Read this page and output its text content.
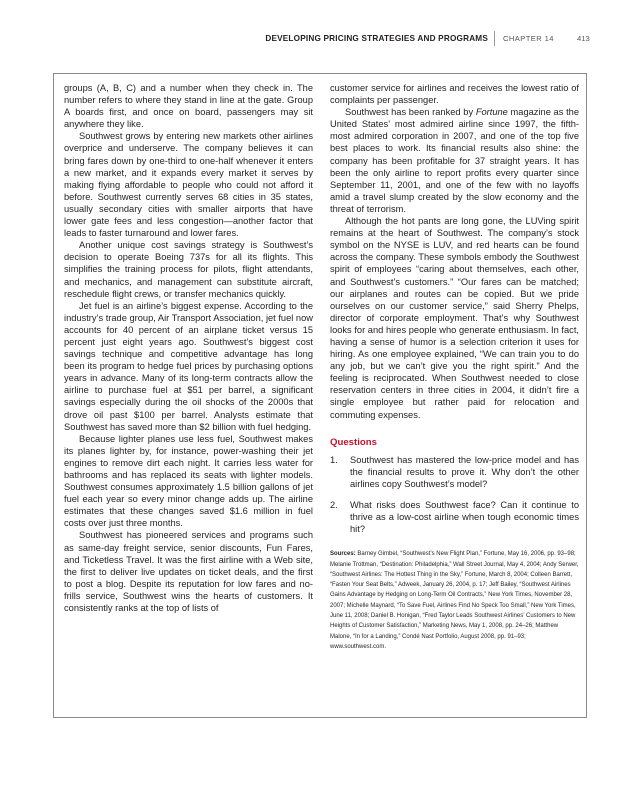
DEVELOPING PRICING STRATEGIES AND PROGRAMS CHAPTER 14	413

groups (A, B, C) and a number when they check in. The number refers to where they stand in line at the gate. Group A boards first, and once on board, passengers may sit anywhere they like.

Southwest grows by entering new markets other airlines overprice and underserve. The company believes it can bring fares down by one-third to one-half whenever it enters a new market, and it expands every market it serves by making flying affordable to people who could not afford it before. Southwest currently serves 68 cities in 35 states, usually secondary cities with smaller airports that have lower gate fees and less congestion—another factor that leads to faster turnaround and lower fares.

Another unique cost savings strategy is Southwest’s decision to operate Boeing 737s for all its flights. This simplifies the training process for pilots, flight attendants, and mechanics, and management can substitute aircraft, reschedule flight crews, or transfer mechanics quickly.

Jet fuel is an airline’s biggest expense. According to the industry’s trade group, Air Transport Association, jet fuel now accounts for 40 percent of an airplane ticket versus 15 percent just eight years ago. Southwest’s biggest cost savings technique and competitive advantage has long been its program to hedge fuel prices by purchasing options years in advance. Many of its long-term contracts allow the airline to purchase fuel at $51 per barrel, a significant savings especially during the oil shocks of the 2000s that drove oil past $100 per barrel. Analysts estimate that Southwest has saved more than $2 billion with fuel hedging.

Because lighter planes use less fuel, Southwest makes its planes lighter by, for instance, power-washing their jet engines to remove dirt each night. It carries less water for bathrooms and has replaced its seats with lighter models. Southwest consumes approximately 1.5 billion gallons of jet fuel each year so every minor change adds up. The airline estimates that these changes saved $1.6 million in fuel costs over just three months.

Southwest has pioneered services and programs such as same-day freight service, senior discounts, Fun Fares, and Ticketless Travel. It was the first airline with a Web site, the first to deliver live updates on ticket deals, and the first to post a blog. Despite its reputation for low fares and no-frills service, Southwest wins the hearts of customers. It consistently ranks at the top of lists of

customer service for airlines and receives the lowest ratio of complaints per passenger.

Southwest has been ranked by Fortune magazine as the United States’ most admired airline since 1997, the fifth-most admired corporation in 2007, and one of the top five best places to work. Its financial results also shine: the company has been profitable for 37 straight years. It has been the only airline to report profits every quarter since September 11, 2001, and one of the few with no layoffs amid a travel slump created by the slow economy and the threat of terrorism.

Although the hot pants are long gone, the LUVing spirit remains at the heart of Southwest. The company’s stock symbol on the NYSE is LUV, and red hearts can be found across the company. These symbols embody the Southwest spirit of employees “caring about themselves, each other, and Southwest’s customers.” “Our fares can be matched; our airplanes and routes can be copied. But we pride ourselves on our customer service,” said Sherry Phelps, director of corporate employment. That’s why Southwest looks for and hires people who generate enthusiasm. In fact, having a sense of humor is a selection criterion it uses for hiring. As one employee explained, “We can train you to do any job, but we can’t give you the right spirit.” And the feeling is reciprocated. When Southwest needed to close reservation centers in three cities in 2004, it didn’t fire a single employee but rather paid for relocation and commuting expenses.

Questions

1. Southwest has mastered the low-price model and has the financial results to prove it. Why don’t the other airlines copy Southwest’s model?
2. What risks does Southwest face? Can it continue to thrive as a low-cost airline when tough economic times hit?

Sources: Barney Gimbel, “Southwest’s New Flight Plan,” Fortune, May 16, 2006, pp. 93–98; Melanie Trottman, “Destination: Philadelphia,” Wall Street Journal, May 4, 2004; Andy Serwer, “Southwest Airlines: The Hottest Thing in the Sky,” Fortune, March 8, 2004; Colleen Barrett, “Fasten Your Seat Belts,” Adweek, January 26, 2004, p. 17; Jeff Bailey, “Southwest Airlines Gains Advantage by Hedging on Long-Term Oil Contracts,” New York Times, November 28, 2007; Michelle Maynard, “To Save Fuel, Airlines Find No Speck Too Small,” New York Times, June 11, 2008; Daniel B. Honigan, “Fred Taylor Leads Southwest Airlines’ Customers to New Heights of Customer Satisfaction,” Marketing News, May 1, 2008, pp. 24–26; Matthew Malone, “In for a Landing,” Condé Nast Portfolio, August 2008, pp. 91–93; www.southwest.com.
